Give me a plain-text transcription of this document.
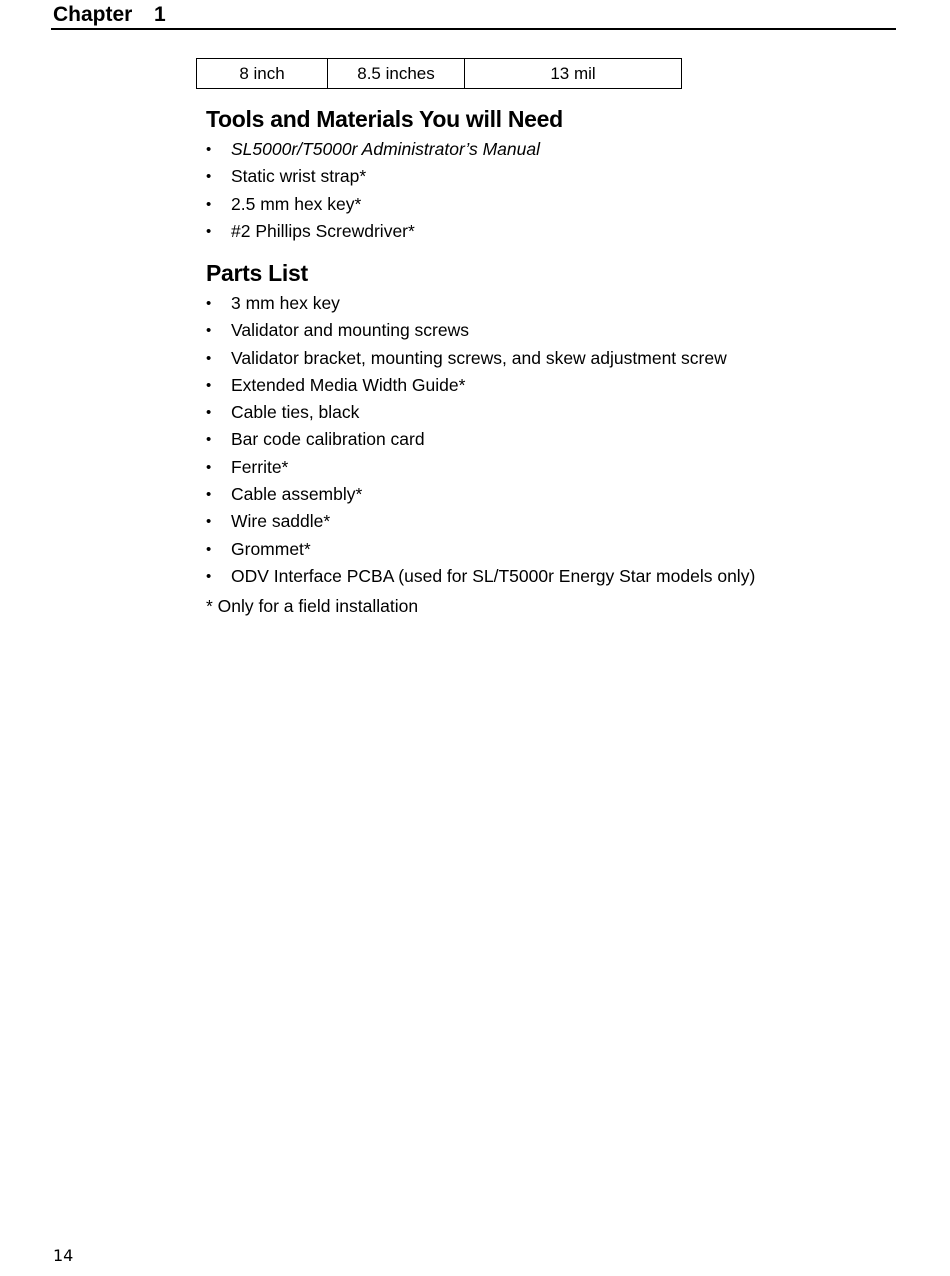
Chapter 1
8 inch	8.5 inches	13 mil
Tools and Materials You will Need
• SL5000r/T5000r Administrator’s Manual
• Static wrist strap*
• 2.5 mm hex key*
• #2 Phillips Screwdriver*
Parts List
• 3 mm hex key
• Validator and mounting screws
• Validator bracket, mounting screws, and skew adjustment screw
• Extended Media Width Guide*
• Cable ties, black
• Bar code calibration card
• Ferrite*
• Cable assembly*
• Wire saddle*
• Grommet*
• ODV Interface PCBA (used for SL/T5000r Energy Star models only)
* Only for a field installation
14
